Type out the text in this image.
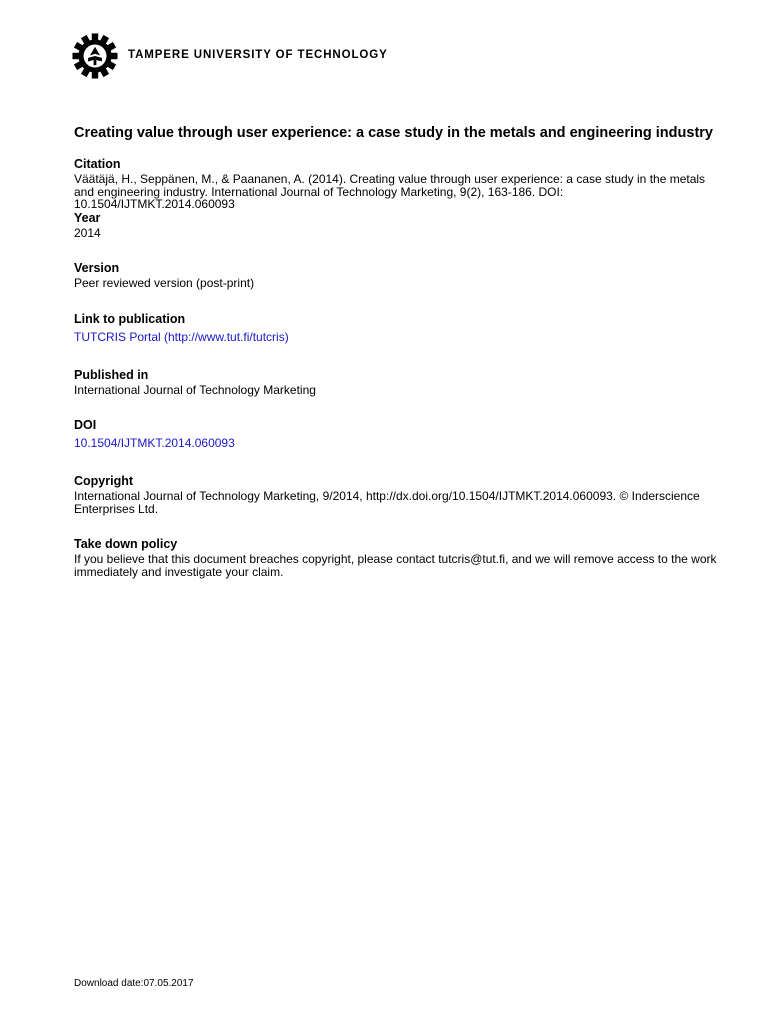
TAMPERE UNIVERSITY OF TECHNOLOGY
Creating value through user experience: a case study in the metals and engineering industry
Citation
Väätäjä, H., Seppänen, M., & Paananen, A. (2014). Creating value through user experience: a case study in the metals and engineering industry. International Journal of Technology Marketing, 9(2), 163-186. DOI: 10.1504/IJTMKT.2014.060093
Year
2014
Version
Peer reviewed version (post-print)
Link to publication
TUTCRIS Portal (http://www.tut.fi/tutcris)
Published in
International Journal of Technology Marketing
DOI
10.1504/IJTMKT.2014.060093
Copyright
International Journal of Technology Marketing, 9/2014, http://dx.doi.org/10.1504/IJTMKT.2014.060093. © Inderscience Enterprises Ltd.
Take down policy
If you believe that this document breaches copyright, please contact tutcris@tut.fi, and we will remove access to the work immediately and investigate your claim.
Download date:07.05.2017
